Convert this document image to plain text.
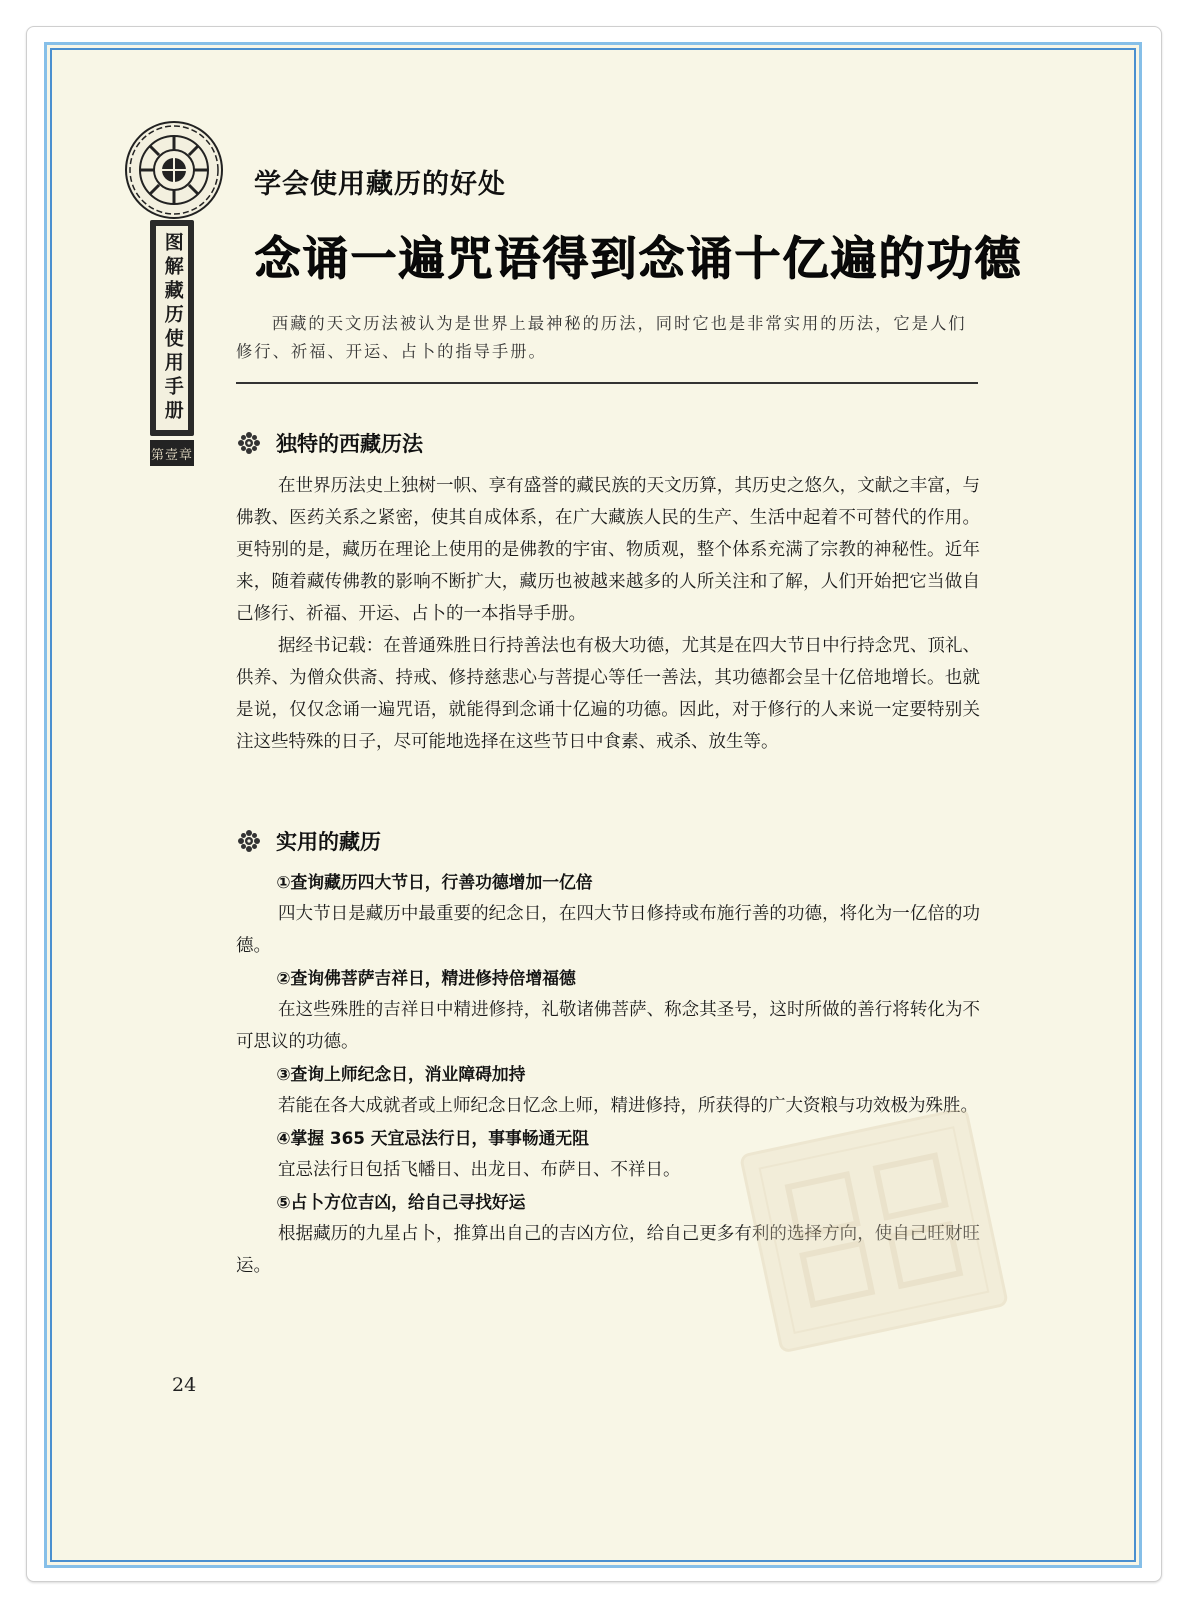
图解藏历使用手册
第壹章
学会使用藏历的好处
念诵一遍咒语得到念诵十亿遍的功德

西藏的天文历法被认为是世界上最神秘的历法，同时它也是非常实用的历法，它是人们修行、祈福、开运、占卜的指导手册。

独特的西藏历法

在世界历法史上独树一帜、享有盛誉的藏民族的天文历算，其历史之悠久，文献之丰富，与佛教、医药关系之紧密，使其自成体系，在广大藏族人民的生产、生活中起着不可替代的作用。更特别的是，藏历在理论上使用的是佛教的宇宙、物质观，整个体系充满了宗教的神秘性。近年来，随着藏传佛教的影响不断扩大，藏历也被越来越多的人所关注和了解，人们开始把它当做自己修行、祈福、开运、占卜的一本指导手册。

据经书记载：在普通殊胜日行持善法也有极大功德，尤其是在四大节日中行持念咒、顶礼、供养、为僧众供斋、持戒、修持慈悲心与菩提心等任一善法，其功德都会呈十亿倍地增长。也就是说，仅仅念诵一遍咒语，就能得到念诵十亿遍的功德。因此，对于修行的人来说一定要特别关注这些特殊的日子，尽可能地选择在这些节日中食素、戒杀、放生等。

实用的藏历
①查询藏历四大节日，行善功德增加一亿倍

四大节日是藏历中最重要的纪念日，在四大节日修持或布施行善的功德，将化为一亿倍的功德。

②查询佛菩萨吉祥日，精进修持倍增福德

在这些殊胜的吉祥日中精进修持，礼敬诸佛菩萨、称念其圣号，这时所做的善行将转化为不可思议的功德。

③查询上师纪念日，消业障碍加持

若能在各大成就者或上师纪念日忆念上师，精进修持，所获得的广大资粮与功效极为殊胜。

④掌握 365 天宜忌法行日，事事畅通无阻

宜忌法行日包括飞幡日、出龙日、布萨日、不祥日。

⑤占卜方位吉凶，给自己寻找好运

根据藏历的九星占卜，推算出自己的吉凶方位，给自己更多有利的选择方向，使自己旺财旺运。

24
